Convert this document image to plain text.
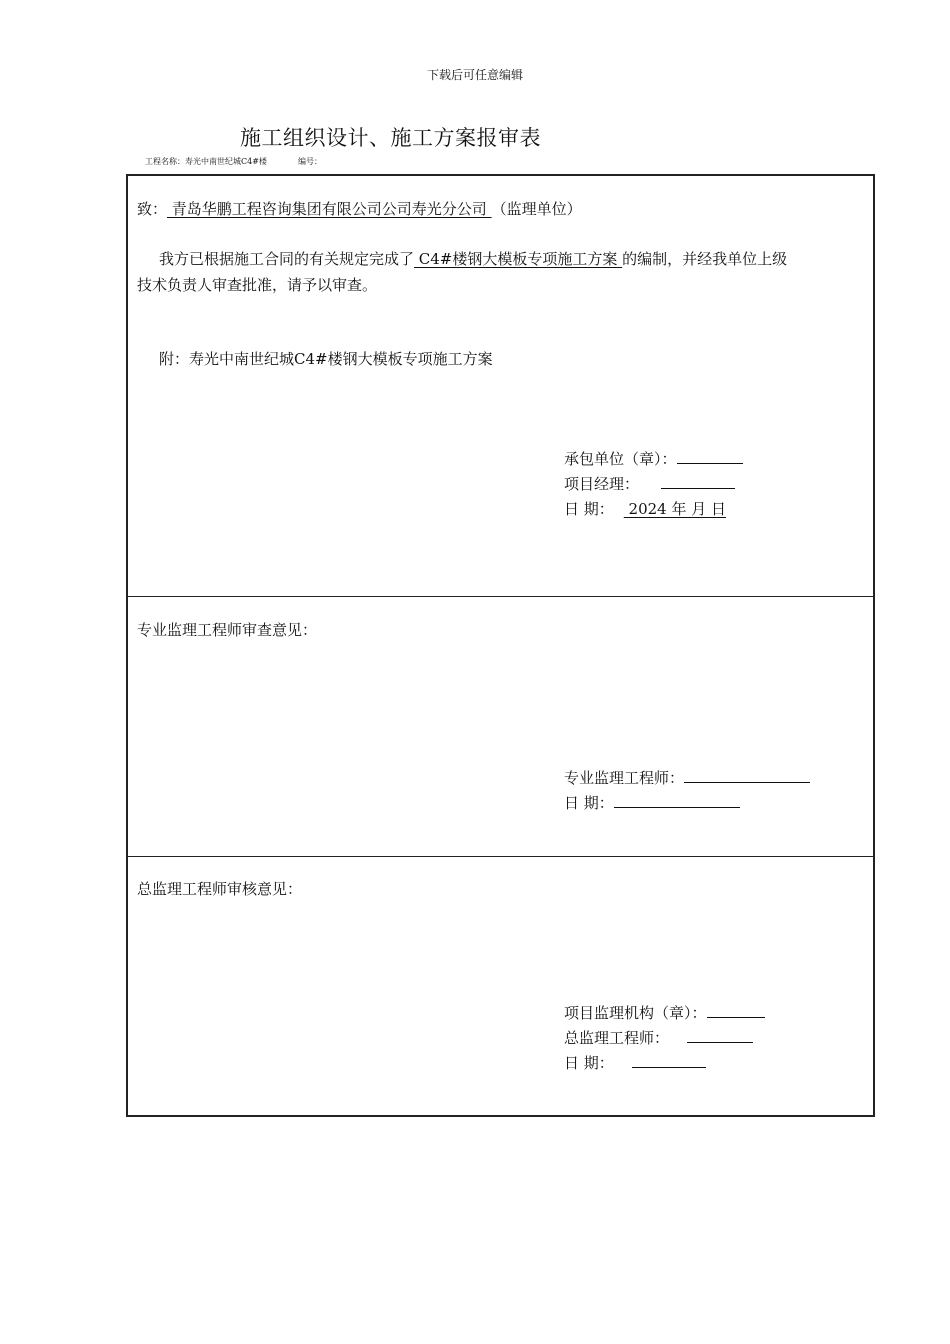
下载后可任意编辑
施工组织设计、施工方案报审表
工程名称：寿光中南世纪城C4#楼	编号：
致： 青岛华鹏工程咨询集团有限公司公司寿光分公司 （监理单位）
我方已根据施工合同的有关规定完成了 C4#楼钢大模板专项施工方案 的编制，并经我单位上级
技术负责人审查批准，请予以审查。
附：寿光中南世纪城C4#楼钢大模板专项施工方案
承包单位（章）：
项目经理：
日 期： 2024 年 月 日
专业监理工程师审查意见：
专业监理工程师：
日 期：
总监理工程师审核意见：
项目监理机构（章）：
总监理工程师：
日 期：
